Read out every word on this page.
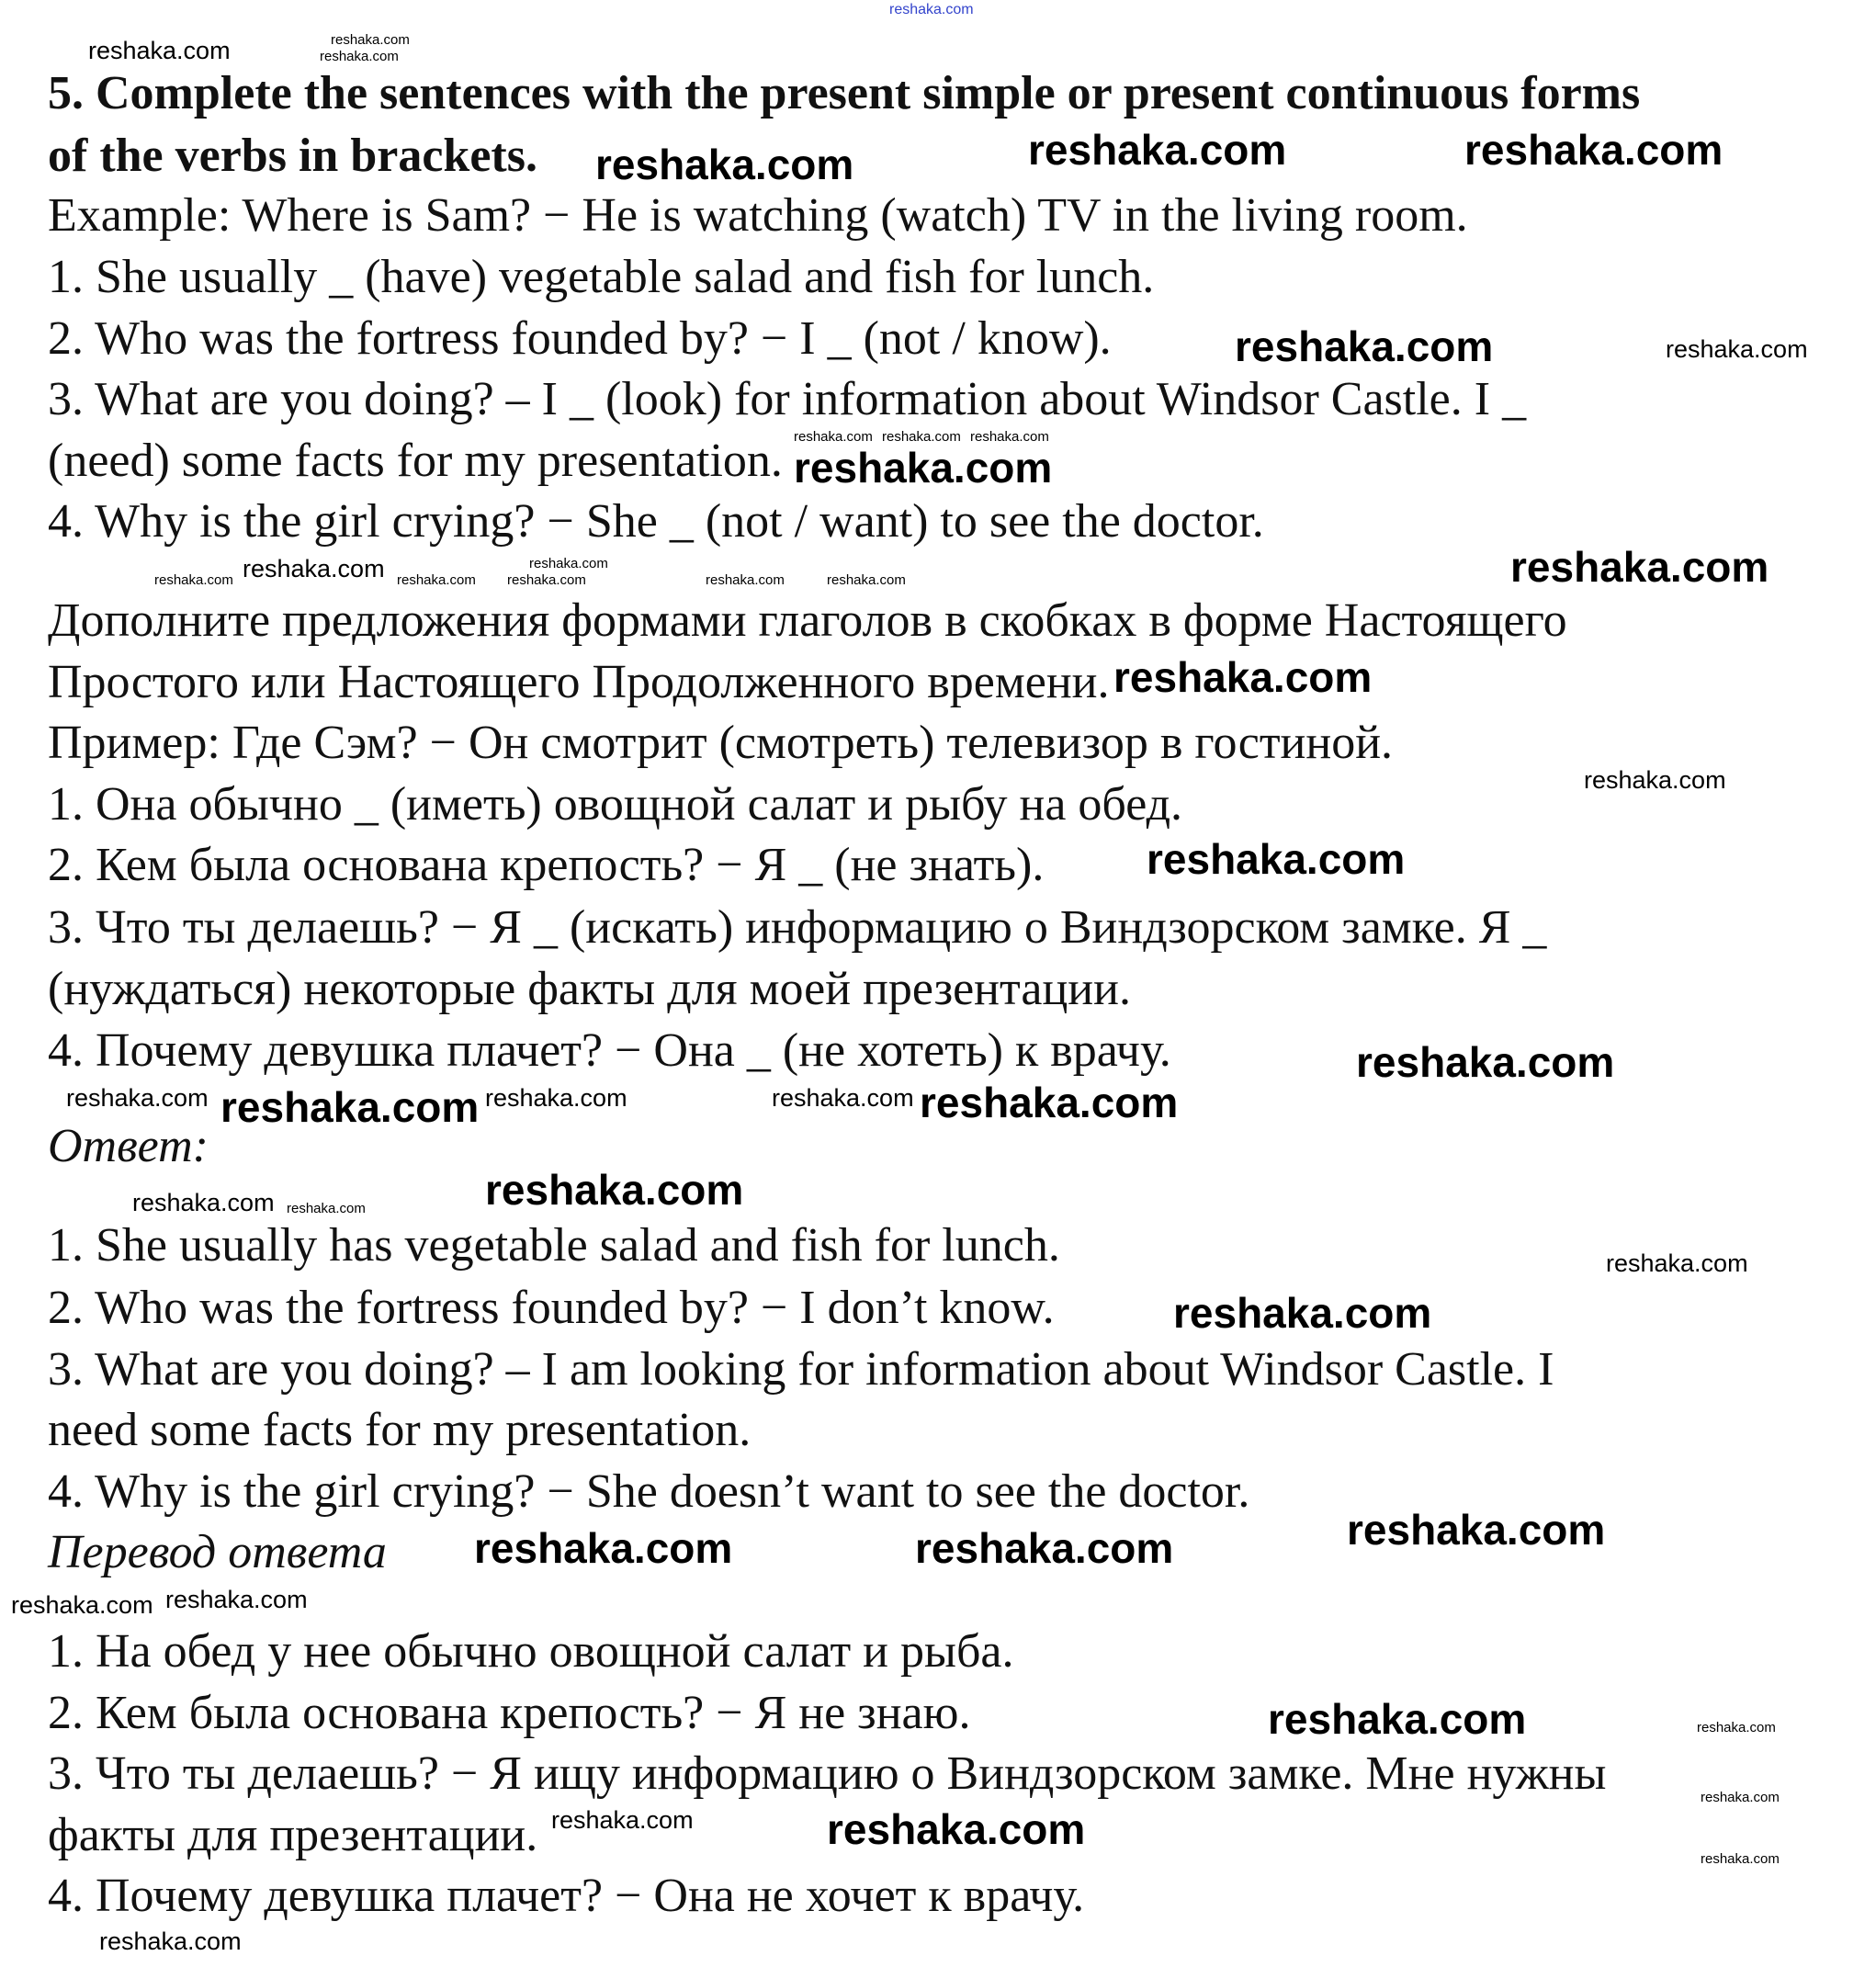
5. Complete the sentences with the present simple or present continuous forms
of the verbs in brackets.
Example: Where is Sam? − He is watching (watch) TV in the living room.
1. She usually _ (have) vegetable salad and fish for lunch.
2. Who was the fortress founded by? − I _ (not / know).
3. What are you doing? – I _ (look) for information about Windsor Castle. I _
(need) some facts for my presentation.
4. Why is the girl crying? − She _ (not / want) to see the doctor.
Дополните предложения формами глаголов в скобках в форме Настоящего
Простого или Настоящего Продолженного времени.
Пример: Где Сэм? − Он смотрит (смотреть) телевизор в гостиной.
1. Она обычно _ (иметь) овощной салат и рыбу на обед.
2. Кем была основана крепость? − Я _ (не знать).
3. Что ты делаешь? − Я _ (искать) информацию о Виндзорском замке. Я _
(нуждаться) некоторые факты для моей презентации.
4. Почему девушка плачет? − Она _ (не хотеть) к врачу.
Ответ:
1. She usually has vegetable salad and fish for lunch.
2. Who was the fortress founded by? − I don’t know.
3. What are you doing? – I am looking for information about Windsor Castle. I
need some facts for my presentation.
4. Why is the girl crying? − She doesn’t want to see the doctor.
Перевод ответа
1. На обед у нее обычно овощной салат и рыба.
2. Кем была основана крепость? − Я не знаю.
3. Что ты делаешь? − Я ищу информацию о Виндзорском замке. Мне нужны
факты для презентации.
4. Почему девушка плачет? − Она не хочет к врачу.
reshaka.com
reshaka.com	reshaka.com	reshaka.com
reshaka.com
reshaka.com
reshaka.com
reshaka.com
reshaka.com
reshaka.com
reshaka.com
reshaka.com
reshaka.com
reshaka.com
reshaka.com	reshaka.com	reshaka.com
reshaka.com
reshaka.com
reshaka.com
reshaka.com
reshaka.com
reshaka.com
reshaka.com	reshaka.com
reshaka.com
reshaka.com
reshaka.com
reshaka.com
reshaka.com
reshaka.com
reshaka.com
reshaka.com
reshaka.com
reshaka.com
reshaka.com reshaka.com reshaka.com
reshaka.com	reshaka.com reshaka.com	reshaka.com	reshaka.com
reshaka.com
reshaka.com
reshaka.com
reshaka.com
